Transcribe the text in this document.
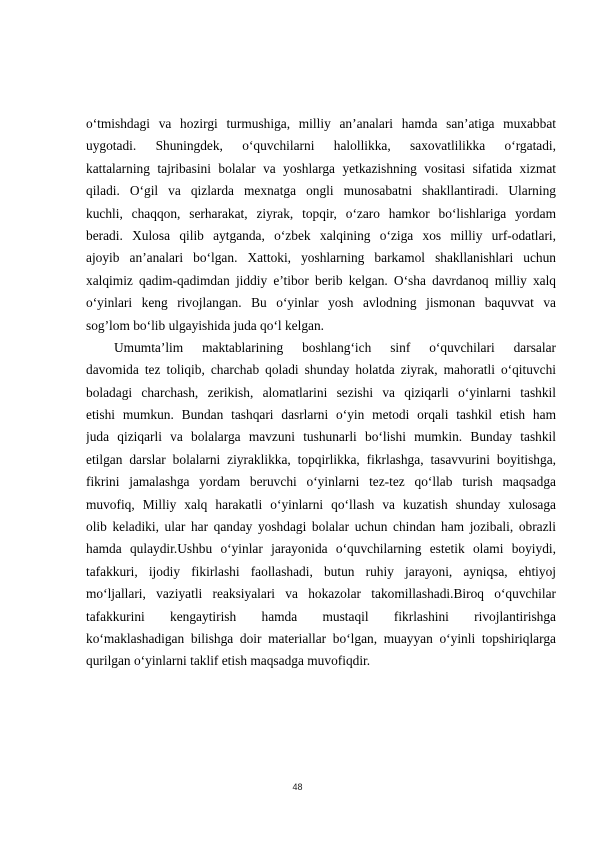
o‘tmishdagi va hozirgi turmushiga, milliy an’analari hamda san’atiga muxabbat
uygotadi. Shuningdek, o‘quvchilarni halollikka, saxovatlilikka o‘rgatadi,
kattalarning tajribasini bolalar va yoshlarga yetkazishning vositasi sifatida xizmat
qiladi. O‘gil va qizlarda mexnatga ongli munosabatni shakllantiradi. Ularning
kuchli, chaqqon, serharakat, ziyrak, topqir, o‘zaro hamkor bo‘lishlariga yordam
beradi. Xulosa qilib aytganda, o‘zbek xalqining o‘ziga xos milliy urf-odatlari,
ajoyib an’analari bo‘lgan. Xattoki, yoshlarning barkamol shakllanishlari uchun
xalqimiz qadim-qadimdan jiddiy e’tibor berib kelgan. O‘sha davrdanoq milliy xalq
o‘yinlari keng rivojlangan. Bu o‘yinlar yosh avlodning jismonan baquvvat va
sog’lom bo‘lib ulgayishida juda qo‘l kelgan.
Umumta’lim maktablarining boshlang‘ich sinf o‘quvchilari darsalar
davomida tez toliqib, charchab qoladi shunday holatda ziyrak, mahoratli o‘qituvchi
boladagi charchash, zerikish, alomatlarini sezishi va qiziqarli o‘yinlarni tashkil
etishi mumkun. Bundan tashqari dasrlarni o‘yin metodi orqali tashkil etish ham
juda qiziqarli va bolalarga mavzuni tushunarli bo‘lishi mumkin. Bunday tashkil
etilgan darslar bolalarni ziyraklikka, topqirlikka, fikrlashga, tasavvurini boyitishga,
fikrini jamalashga yordam beruvchi o‘yinlarni tez-tez qo‘llab turish maqsadga
muvofiq, Milliy xalq harakatli o‘yinlarni qo‘llash va kuzatish shunday xulosaga
olib keladiki, ular har qanday yoshdagi bolalar uchun chindan ham jozibali, obrazli
hamda qulaydir.Ushbu o‘yinlar jarayonida o‘quvchilarning estetik olami boyiydi,
tafakkuri, ijodiy fikirlashi faollashadi, butun ruhiy jarayoni, ayniqsa, ehtiyoj
mo‘ljallari, vaziyatli reaksiyalari va hokazolar takomillashadi.Biroq o‘quvchilar
tafakkurini kengaytirish hamda mustaqil fikrlashini rivojlantirishga
ko‘maklashadigan bilishga doir materiallar bo‘lgan, muayyan o‘yinli topshiriqlarga
qurilgan o‘yinlarni taklif etish maqsadga muvofiqdir.
48
